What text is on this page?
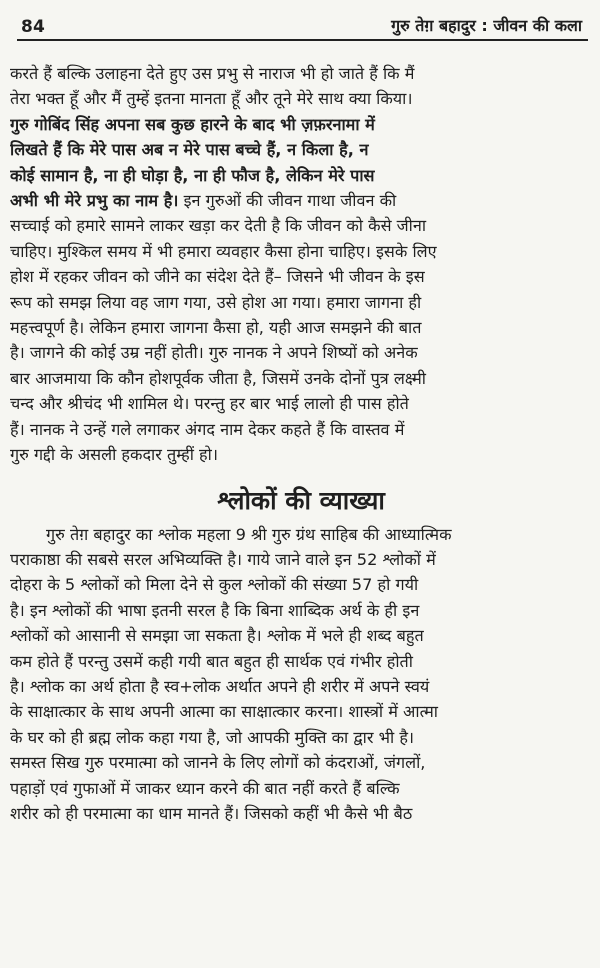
84	गुरु तेग़ बहादुर : जीवन की कला
करते हैं बल्कि उलाहना देते हुए उस प्रभु से नाराज भी हो जाते हैं कि मैं
तेरा भक्त हूँ और मैं तुम्हें इतना मानता हूँ और तूने मेरे साथ क्या किया।
गुरु गोबिंद सिंह अपना सब कुछ हारने के बाद भी ज़फ़रनामा में
लिखते हैं कि मेरे पास अब न मेरे पास बच्चे हैं, न किला है, न
कोई सामान है, ना ही घोड़ा है, ना ही फौज है, लेकिन मेरे पास
अभी भी मेरे प्रभु का नाम है। इन गुरुओं की जीवन गाथा जीवन की
सच्चाई को हमारे सामने लाकर खड़ा कर देती है कि जीवन को कैसे जीना
चाहिए। मुश्किल समय में भी हमारा व्यवहार कैसा होना चाहिए। इसके लिए
होश में रहकर जीवन को जीने का संदेश देते हैं– जिसने भी जीवन के इस
रूप को समझ लिया वह जाग गया, उसे होश आ गया। हमारा जागना ही
महत्त्वपूर्ण है। लेकिन हमारा जागना कैसा हो, यही आज समझने की बात
है। जागने की कोई उम्र नहीं होती। गुरु नानक ने अपने शिष्यों को अनेक
बार आजमाया कि कौन होशपूर्वक जीता है, जिसमें उनके दोनों पुत्र लक्ष्मी
चन्द और श्रीचंद भी शामिल थे। परन्तु हर बार भाई लालो ही पास होते
हैं। नानक ने उन्हें गले लगाकर अंगद नाम देकर कहते हैं कि वास्तव में
गुरु गद्दी के असली हकदार तुम्हीं हो।
श्लोकों की व्याख्या
गुरु तेग़ बहादुर का श्लोक महला 9 श्री गुरु ग्रंथ साहिब की आध्यात्मिक
पराकाष्ठा की सबसे सरल अभिव्यक्ति है। गाये जाने वाले इन 52 श्लोकों में
दोहरा के 5 श्लोकों को मिला देने से कुल श्लोकों की संख्या 57 हो गयी
है। इन श्लोकों की भाषा इतनी सरल है कि बिना शाब्दिक अर्थ के ही इन
श्लोकों को आसानी से समझा जा सकता है। श्लोक में भले ही शब्द बहुत
कम होते हैं परन्तु उसमें कही गयी बात बहुत ही सार्थक एवं गंभीर होती
है। श्लोक का अर्थ होता है स्व+लोक अर्थात अपने ही शरीर में अपने स्वयं
के साक्षात्कार के साथ अपनी आत्मा का साक्षात्कार करना। शास्त्रों में आत्मा
के घर को ही ब्रह्म लोक कहा गया है, जो आपकी मुक्ति का द्वार भी है।
समस्त सिख गुरु परमात्मा को जानने के लिए लोगों को कंदराओं, जंगलों,
पहाड़ों एवं गुफाओं में जाकर ध्यान करने की बात नहीं करते हैं बल्कि
शरीर को ही परमात्मा का धाम मानते हैं। जिसको कहीं भी कैसे भी बैठ
